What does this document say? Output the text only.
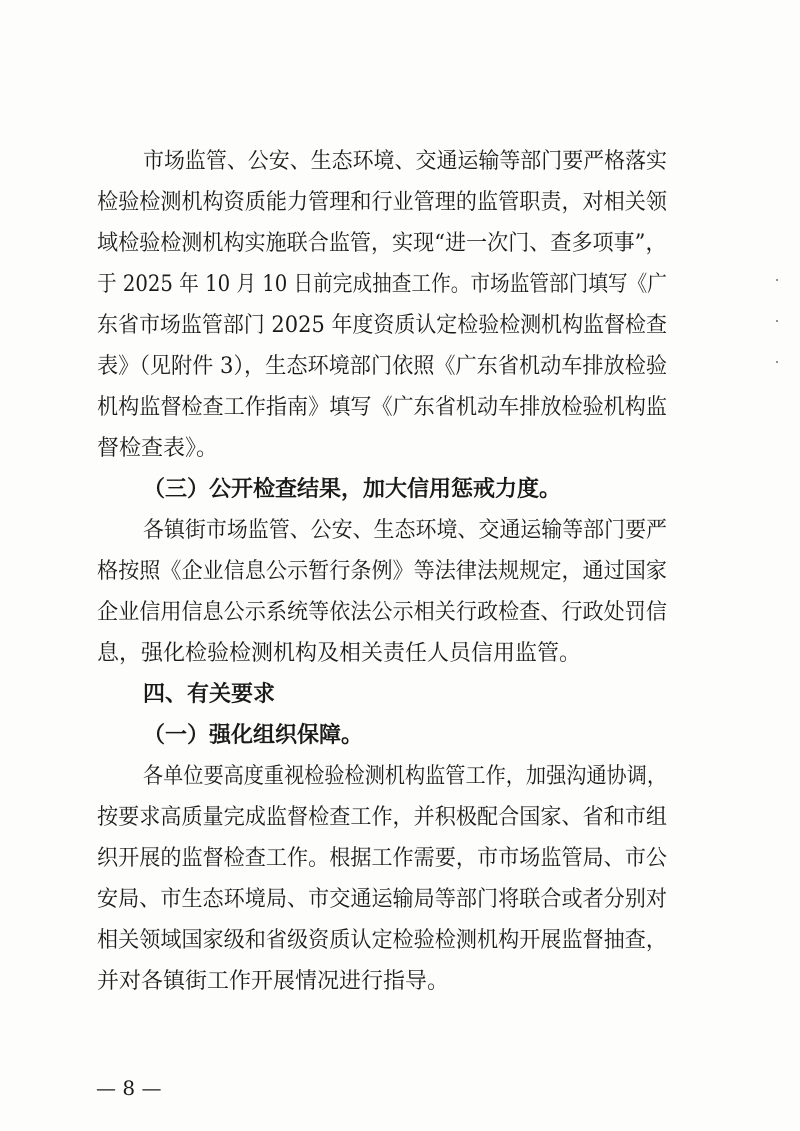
市场监管、公安、生态环境、交通运输等部门要严格落实
检验检测机构资质能力管理和行业管理的监管职责，对相关领
域检验检测机构实施联合监管，实现“进一次门、查多项事”，
于 2025 年 10 月 10 日前完成抽查工作。市场监管部门填写《广
东省市场监管部门 2025 年度资质认定检验检测机构监督检查
表》（见附件 3），生态环境部门依照《广东省机动车排放检验
机构监督检查工作指南》填写《广东省机动车排放检验机构监
督检查表》。
（三）公开检查结果，加大信用惩戒力度。
各镇街市场监管、公安、生态环境、交通运输等部门要严
格按照《企业信息公示暂行条例》等法律法规规定，通过国家
企业信用信息公示系统等依法公示相关行政检查、行政处罚信
息，强化检验检测机构及相关责任人员信用监管。
四、有关要求
（一）强化组织保障。
各单位要高度重视检验检测机构监管工作，加强沟通协调，
按要求高质量完成监督检查工作，并积极配合国家、省和市组
织开展的监督检查工作。根据工作需要，市市场监管局、市公
安局、市生态环境局、市交通运输局等部门将联合或者分别对
相关领域国家级和省级资质认定检验检测机构开展监督抽查，
并对各镇街工作开展情况进行指导。
— 8 —
